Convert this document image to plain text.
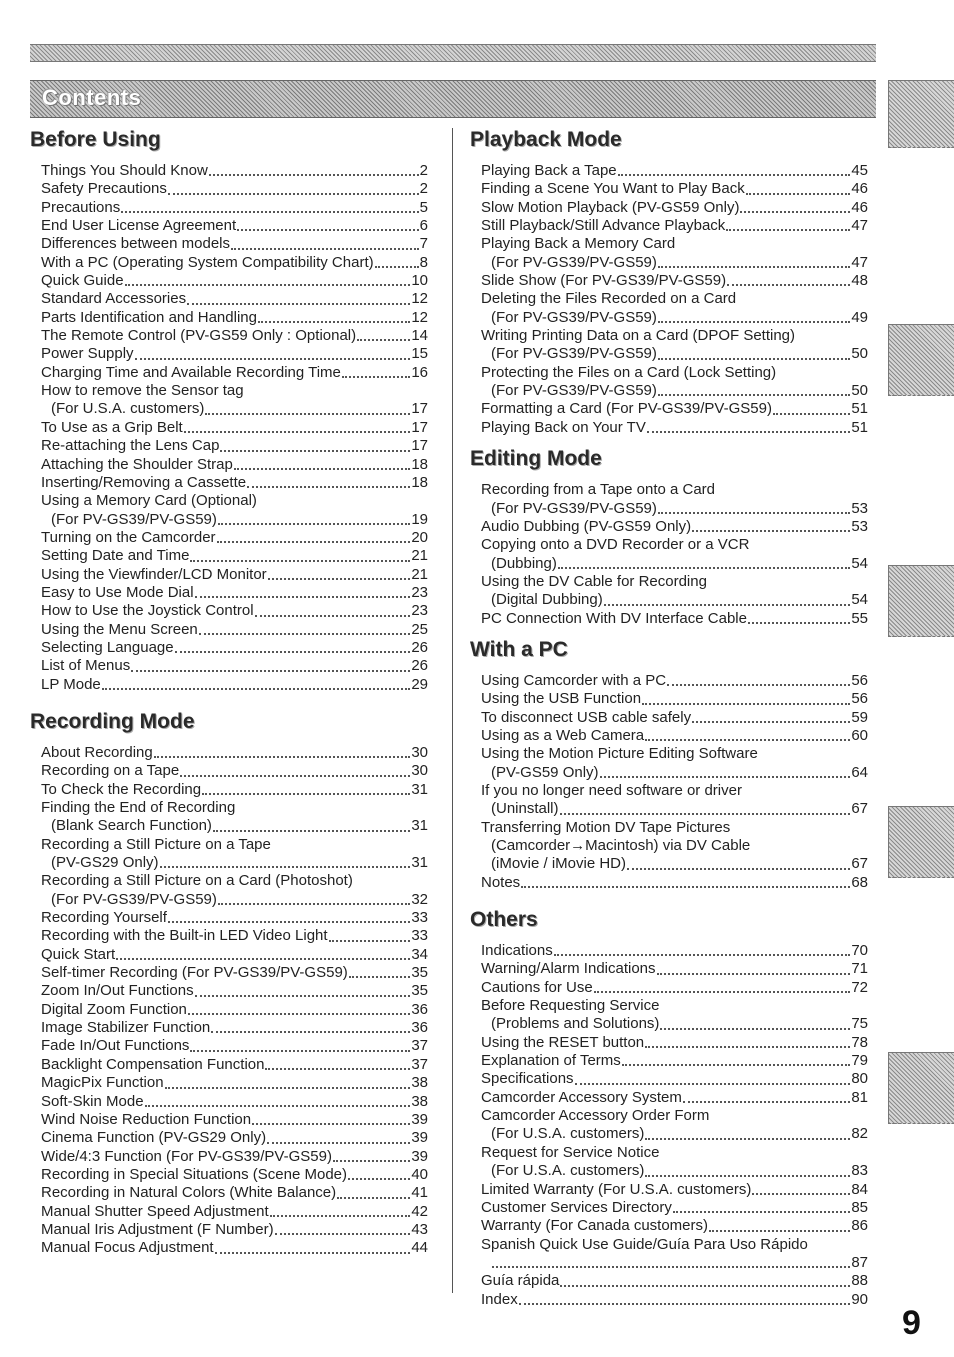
Contents
Before Using
Things You Should Know	2
Safety Precautions	2
Precautions	5
End User License Agreement	6
Differences between models	7
With a PC (Operating System Compatibility Chart)	8
Quick Guide	10
Standard Accessories	12
Parts Identification and Handling	12
The Remote Control (PV-GS59 Only : Optional)	14
Power Supply	15
Charging Time and Available Recording Time	16
How to remove the Sensor tag
(For U.S.A. customers)	17
To Use as a Grip Belt	17
Re-attaching the Lens Cap	17
Attaching the Shoulder Strap	18
Inserting/Removing a Cassette	18
Using a Memory Card (Optional)
(For PV-GS39/PV-GS59)	19
Turning on the Camcorder	20
Setting Date and Time	21
Using the Viewfinder/LCD Monitor	21
Easy to Use Mode Dial	23
How to Use the Joystick Control	23
Using the Menu Screen	25
Selecting Language	26
List of Menus	26
LP Mode	29
Recording Mode
About Recording	30
Recording on a Tape	30
To Check the Recording	31
Finding the End of Recording
(Blank Search Function)	31
Recording a Still Picture on a Tape
(PV-GS29 Only)	31
Recording a Still Picture on a Card (Photoshot)
(For PV-GS39/PV-GS59)	32
Recording Yourself	33
Recording with the Built-in LED Video Light	33
Quick Start	34
Self-timer Recording (For PV-GS39/PV-GS59)	35
Zoom In/Out Functions	35
Digital Zoom Function	36
Image Stabilizer Function	36
Fade In/Out Functions	37
Backlight Compensation Function	37
MagicPix Function	38
Soft-Skin Mode	38
Wind Noise Reduction Function	39
Cinema Function (PV-GS29 Only)	39
Wide/4:3 Function (For PV-GS39/PV-GS59)	39
Recording in Special Situations (Scene Mode)	40
Recording in Natural Colors (White Balance)	41
Manual Shutter Speed Adjustment	42
Manual Iris Adjustment (F Number)	43
Manual Focus Adjustment	44
Playback Mode
Playing Back a Tape	45
Finding a Scene You Want to Play Back	46
Slow Motion Playback (PV-GS59 Only)	46
Still Playback/Still Advance Playback	47
Playing Back a Memory Card
(For PV-GS39/PV-GS59)	47
Slide Show (For PV-GS39/PV-GS59)	48
Deleting the Files Recorded on a Card
(For PV-GS39/PV-GS59)	49
Writing Printing Data on a Card (DPOF Setting)
(For PV-GS39/PV-GS59)	50
Protecting the Files on a Card (Lock Setting)
(For PV-GS39/PV-GS59)	50
Formatting a Card (For PV-GS39/PV-GS59)	51
Playing Back on Your TV	51
Editing Mode
Recording from a Tape onto a Card
(For PV-GS39/PV-GS59)	53
Audio Dubbing (PV-GS59 Only)	53
Copying onto a DVD Recorder or a VCR
(Dubbing)	54
Using the DV Cable for Recording
(Digital Dubbing)	54
PC Connection With DV Interface Cable	55
With a PC
Using Camcorder with a PC	56
Using the USB Function	56
To disconnect USB cable safely	59
Using as a Web Camera	60
Using the Motion Picture Editing Software
(PV-GS59 Only)	64
If you no longer need software or driver
(Uninstall)	67
Transferring Motion DV Tape Pictures
(Camcorder→Macintosh) via DV Cable
(iMovie / iMovie HD)	67
Notes	68
Others
Indications	70
Warning/Alarm Indications	71
Cautions for Use	72
Before Requesting Service
(Problems and Solutions)	75
Using the RESET button	78
Explanation of Terms	79
Specifications	80
Camcorder Accessory System	81
Camcorder Accessory Order Form
(For U.S.A. customers)	82
Request for Service Notice
(For U.S.A. customers)	83
Limited Warranty (For U.S.A. customers)	84
Customer Services Directory	85
Warranty (For Canada customers)	86
Spanish Quick Use Guide/Guía Para Uso Rápido
87
Guía rápida	88
Index	90
9
